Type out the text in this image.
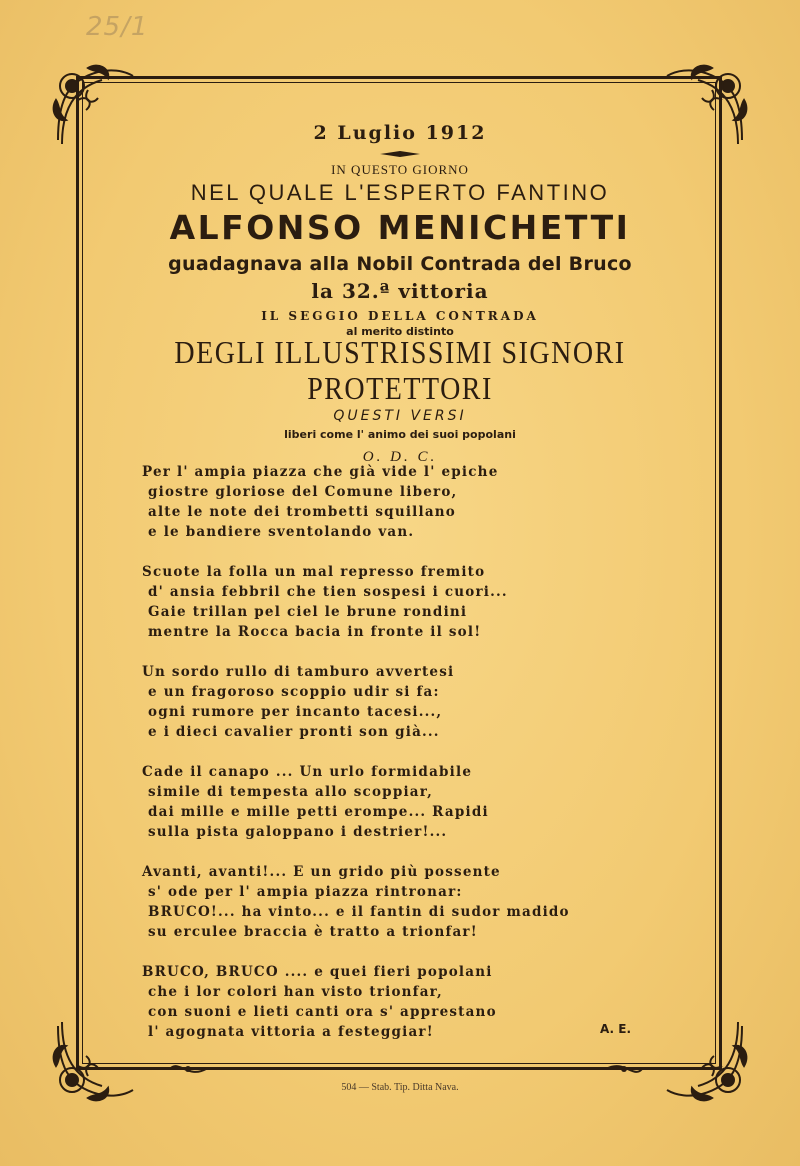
25/1
2 Luglio 1912
IN QUESTO GIORNO
NEL QUALE L'ESPERTO FANTINO
ALFONSO MENICHETTI
guadagnava alla Nobil Contrada del Bruco
la 32.ª vittoria
IL SEGGIO DELLA CONTRADA
al merito distinto
DEGLI ILLUSTRISSIMI SIGNORI PROTETTORI
QUESTI VERSI
liberi come l' animo dei suoi popolani
O. D. C.
Per l' ampia piazza che già vide l' epiche
giostre gloriose del Comune libero,
alte le note dei trombetti squillano
e le bandiere sventolando van.
Scuote la folla un mal represso fremito
d' ansia febbril che tien sospesi i cuori...
Gaie trillan pel ciel le brune rondini
mentre la Rocca bacia in fronte il sol!
Un sordo rullo di tamburo avvertesi
e un fragoroso scoppio udir si fa:
ogni rumore per incanto tacesi...,
e i dieci cavalier pronti son già...
Cade il canapo ... Un urlo formidabile
simile di tempesta allo scoppiar,
dai mille e mille petti erompe... Rapidi
sulla pista galoppano i destrier!...
Avanti, avanti!... E un grido più possente
s' ode per l' ampia piazza rintronar:
BRUCO!... ha vinto... e il fantin di sudor madido
su erculee braccia è tratto a trionfar!
BRUCO, BRUCO .... e quei fieri popolani
che i lor colori han visto trionfar,
con suoni e lieti canti ora s' apprestano
l' agognata vittoria a festeggiar!	A. E.
504 — Stab. Tip. Ditta Nava.
